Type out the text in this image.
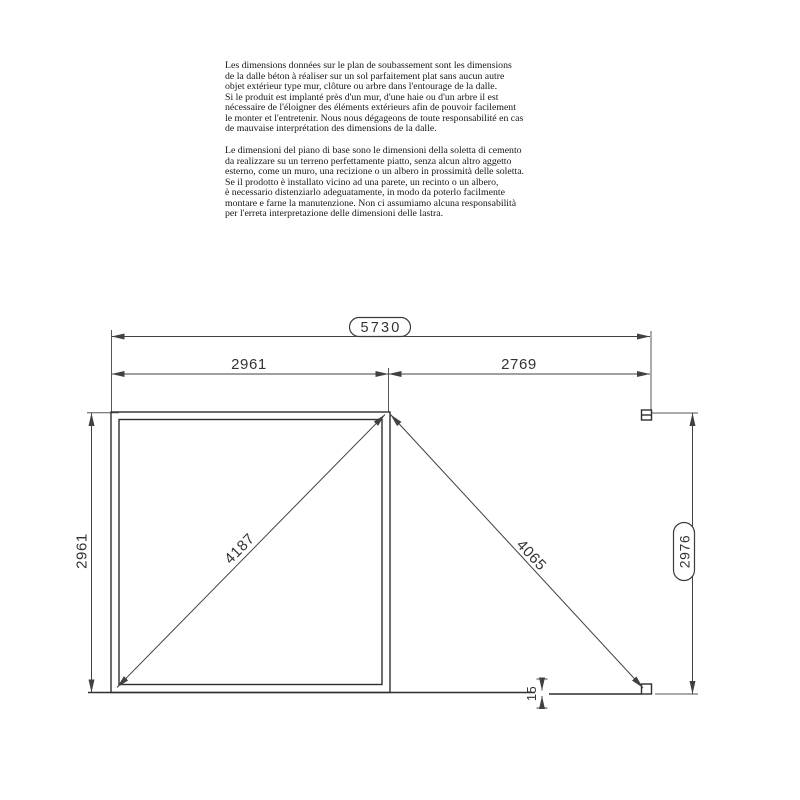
Les dimensions données sur le plan de soubassement sont les dimensions
de la dalle béton à réaliser sur un sol parfaitement plat sans aucun autre
objet extérieur type mur, clôture ou arbre dans l'entourage de la dalle.
Si le produit est implanté près d'un mur, d'une haie ou d'un arbre il est
nécessaire de l'éloigner des éléments extérieurs afin de pouvoir facilement
le monter et l'entretenir. Nous nous dégageons de toute responsabilité en cas
de mauvaise interprétation des dimensions de la dalle.
Le dimensioni del piano di base sono le dimensioni della soletta di cemento
da realizzare su un terreno perfettamente piatto, senza alcun altro aggetto
esterno, come un muro, una recizione o un albero in prossimità delle soletta.
Se il prodotto è installato vicino ad una parete, un recinto o un albero,
è necessario distenziarlo adeguatamente, in modo da poterlo facilmente
montare e farne la manutenzione. Non ci assumiamo alcuna responsabilità
per l'erreta interpretazione delle dimensioni delle lastra.
5730
2961	2769
2961	2976
4187	4065
15
